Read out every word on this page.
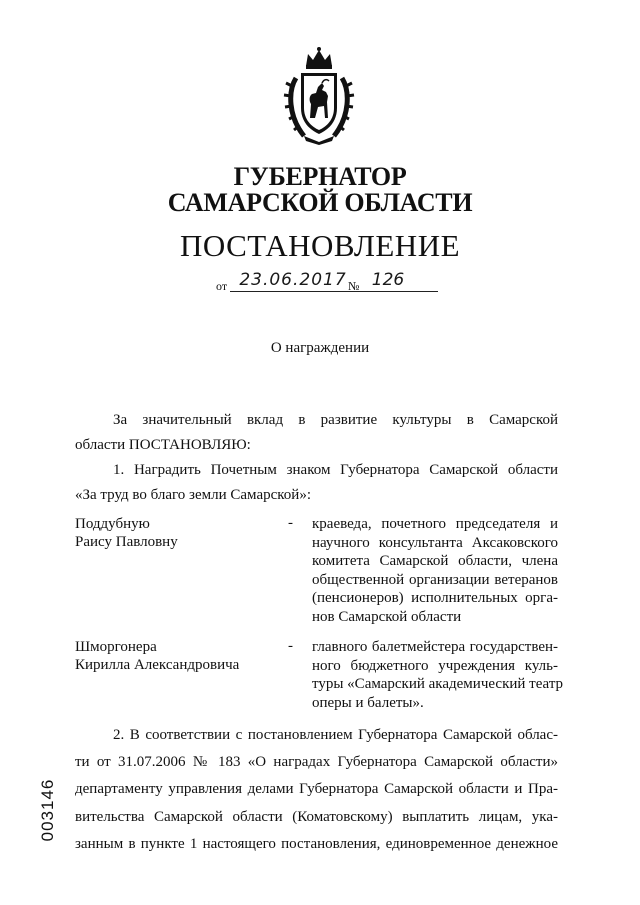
ГУБЕРНАТОР
САМАРСКОЙ ОБЛАСТИ
ПОСТАНОВЛЕНИЕ
от 23.06.2017 № 126
О награждении
За значительный вклад в развитие культуры в Самарской
области ПОСТАНОВЛЯЮ:
1. Наградить Почетным знаком Губернатора Самарской области
«За труд во благо земли Самарской»:
Поддубную
Раису Павловну
- краеведа, почетного председателя и
научного консультанта Аксаковского
комитета Самарской области, члена
общественной организации ветеранов
(пенсионеров) исполнительных орга-
нов Самарской области
Шморгонера
Кирилла Александровича
- главного балетмейстера государствен-
ного бюджетного учреждения куль-
туры «Самарский академический театр
оперы и балеты».
2. В соответствии с постановлением Губернатора Самарской облас-
ти от 31.07.2006 № 183 «О наградах Губернатора Самарской области»
департаменту управления делами Губернатора Самарской области и Пра-
вительства Самарской области (Коматовскому) выплатить лицам, ука-
занным в пункте 1 настоящего постановления, единовременное денежное
003146
